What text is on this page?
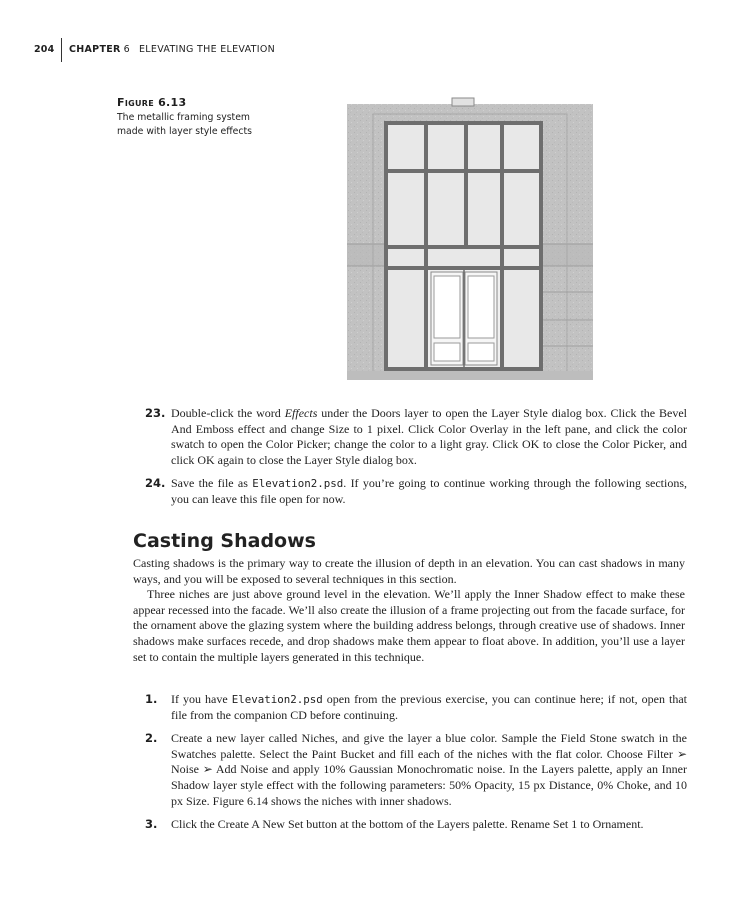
204 CHAPTER 6 ELEVATING THE ELEVATION
Figure 6.13
The metallic framing system made with layer style effects
23. Double-click the word Effects under the Doors layer to open the Layer Style dialog box. Click the Bevel And Emboss effect and change Size to 1 pixel. Click Color Overlay in the left pane, and click the color swatch to open the Color Picker; change the color to a light gray. Click OK to close the Color Picker, and click OK again to close the Layer Style dialog box.
24. Save the file as Elevation2.psd. If you’re going to continue working through the following sections, you can leave this file open for now.
Casting Shadows

Casting shadows is the primary way to create the illusion of depth in an elevation. You can cast shadows in many ways, and you will be exposed to several techniques in this section.

Three niches are just above ground level in the elevation. We’ll apply the Inner Shadow effect to make these appear recessed into the facade. We’ll also create the illusion of a frame projecting out from the facade surface, for the ornament above the glazing system where the building address belongs, through creative use of shadows. Inner shadows make surfaces recede, and drop shadows make them appear to float above. In addition, you’ll use a layer set to contain the multiple layers generated in this technique.

1. If you have Elevation2.psd open from the previous exercise, you can continue here; if not, open that file from the companion CD before continuing.
2. Create a new layer called Niches, and give the layer a blue color. Sample the Field Stone swatch in the Swatches palette. Select the Paint Bucket and fill each of the niches with the flat color. Choose Filter ➢ Noise ➢ Add Noise and apply 10% Gaussian Monochromatic noise. In the Layers palette, apply an Inner Shadow layer style effect with the following parameters: 50% Opacity, 15 px Distance, 0% Choke, and 10 px Size. Figure 6.14 shows the niches with inner shadows.
3. Click the Create A New Set button at the bottom of the Layers palette. Rename Set 1 to Ornament.
